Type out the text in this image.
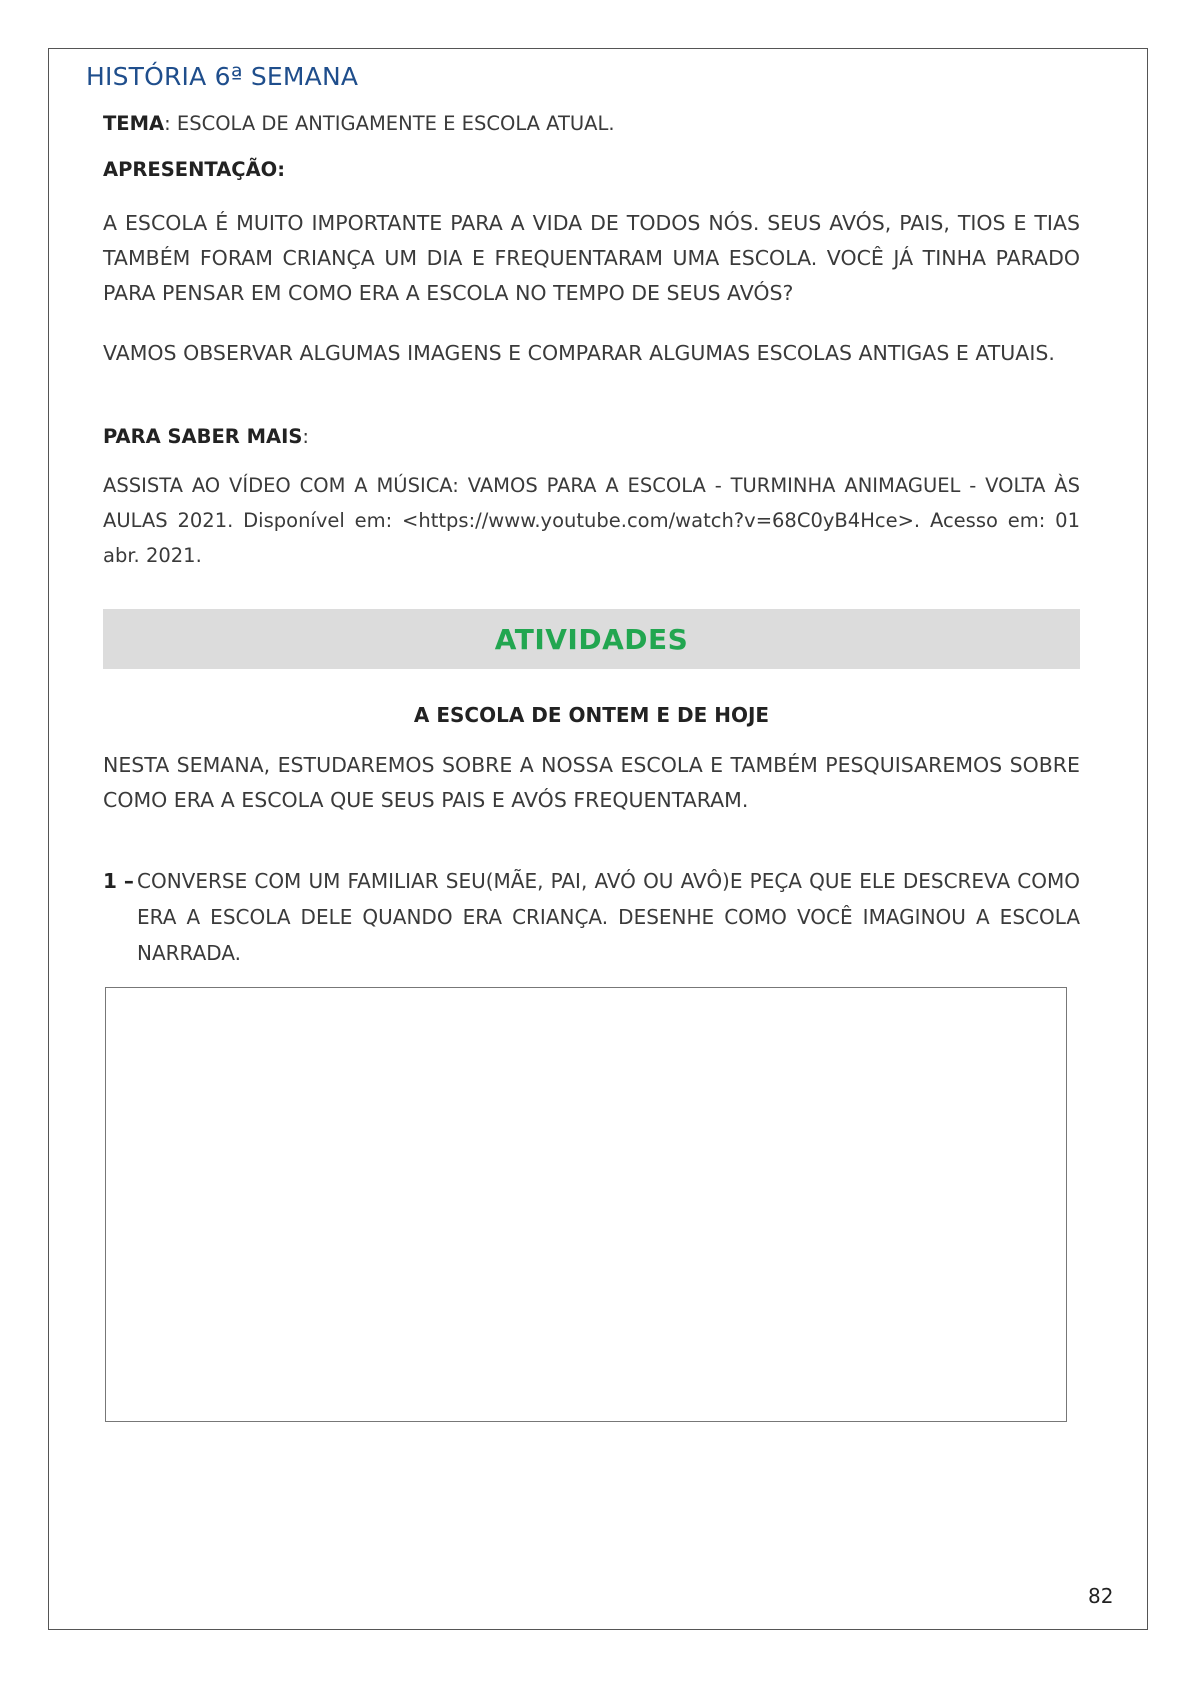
HISTÓRIA 6ª SEMANA
TEMA: ESCOLA DE ANTIGAMENTE E ESCOLA ATUAL.
APRESENTAÇÃO:
A ESCOLA É MUITO IMPORTANTE PARA A VIDA DE TODOS NÓS. SEUS AVÓS, PAIS, TIOS E TIAS TAMBÉM FORAM CRIANÇA UM DIA E FREQUENTARAM UMA ESCOLA. VOCÊ JÁ TINHA PARADO PARA PENSAR EM COMO ERA A ESCOLA NO TEMPO DE SEUS AVÓS?
VAMOS OBSERVAR ALGUMAS IMAGENS E COMPARAR ALGUMAS ESCOLAS ANTIGAS E ATUAIS.
PARA SABER MAIS:
ASSISTA AO VÍDEO COM A MÚSICA: VAMOS PARA A ESCOLA - TURMINHA ANIMAGUEL - VOLTA ÀS AULAS 2021. Disponível em: <https://www.youtube.com/watch?v=68C0yB4Hce>. Acesso em: 01 abr. 2021.
ATIVIDADES
A ESCOLA DE ONTEM E DE HOJE
NESTA SEMANA, ESTUDAREMOS SOBRE A NOSSA ESCOLA E TAMBÉM PESQUISAREMOS SOBRE COMO ERA A ESCOLA QUE SEUS PAIS E AVÓS FREQUENTARAM.
1 – CONVERSE COM UM FAMILIAR SEU(MÃE, PAI, AVÓ OU AVÔ)E PEÇA QUE ELE DESCREVA COMO ERA A ESCOLA DELE QUANDO ERA CRIANÇA. DESENHE COMO VOCÊ IMAGINOU A ESCOLA NARRADA.
82
